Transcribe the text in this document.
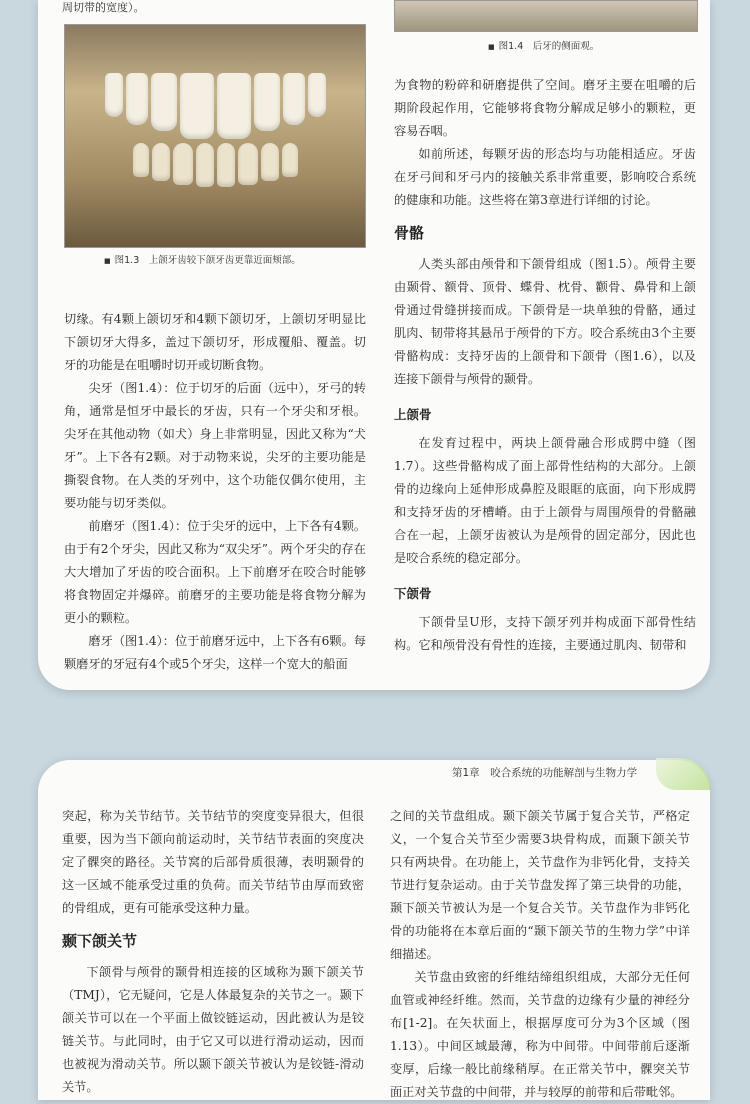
周切带的宽度）。
■ 图1.3　上颌牙齿较下颌牙齿更靠近面颊部。
■ 图1.4　后牙的侧面观。

切缘。有4颗上颌切牙和4颗下颌切牙，上颌切牙明显比下颌切牙大得多，盖过下颌切牙，形成覆船、覆盖。切牙的功能是在咀嚼时切开或切断食物。

尖牙（图1.4）：位于切牙的后面（远中），牙弓的转角，通常是恒牙中最长的牙齿，只有一个牙尖和牙根。尖牙在其他动物（如犬）身上非常明显，因此又称为“犬牙”。上下各有2颗。对于动物来说，尖牙的主要功能是撕裂食物。在人类的牙列中，这个功能仅偶尔使用，主要功能与切牙类似。

前磨牙（图1.4）：位于尖牙的远中，上下各有4颗。由于有2个牙尖，因此又称为“双尖牙”。两个牙尖的存在大大增加了牙齿的咬合面积。上下前磨牙在咬合时能够将食物固定并爆碎。前磨牙的主要功能是将食物分解为更小的颗粒。

磨牙（图1.4）：位于前磨牙远中，上下各有6颗。每颗磨牙的牙冠有4个或5个牙尖，这样一个宽大的船面

为食物的粉碎和研磨提供了空间。磨牙主要在咀嚼的后期阶段起作用，它能够将食物分解成足够小的颗粒，更容易吞咽。

如前所述，每颗牙齿的形态均与功能相适应。牙齿在牙弓间和牙弓内的接触关系非常重要，影响咬合系统的健康和功能。这些将在第3章进行详细的讨论。

骨骼

人类头部由颅骨和下颌骨组成（图1.5）。颅骨主要由颞骨、额骨、顶骨、蝶骨、枕骨、颧骨、鼻骨和上颌骨通过骨缝拼接而成。下颌骨是一块单独的骨骼，通过肌肉、韧带将其悬吊于颅骨的下方。咬合系统由3个主要骨骼构成：支持牙齿的上颌骨和下颌骨（图1.6），以及连接下颌骨与颅骨的颞骨。

上颌骨

在发育过程中，两块上颌骨融合形成腭中缝（图1.7）。这些骨骼构成了面上部骨性结构的大部分。上颌骨的边缘向上延伸形成鼻腔及眼眶的底面，向下形成腭和支持牙齿的牙槽嵴。由于上颌骨与周围颅骨的骨骼融合在一起，上颌牙齿被认为是颅骨的固定部分，因此也是咬合系统的稳定部分。

下颌骨

下颌骨呈U形，支持下颌牙列并构成面下部骨性结构。它和颅骨没有骨性的连接，主要通过肌肉、韧带和

第1章　咬合系统的功能解剖与生物力学

突起，称为关节结节。关节结节的突度变异很大，但很重要，因为当下颌向前运动时，关节结节表面的突度决定了髁突的路径。关节窝的后部骨质很薄，表明颞骨的这一区域不能承受过重的负荷。而关节结节由厚而致密的骨组成，更有可能承受这种力量。

颞下颌关节

下颌骨与颅骨的颞骨相连接的区域称为颞下颌关节（TMJ），它无疑问，它是人体最复杂的关节之一。颞下颌关节可以在一个平面上做铰链运动，因此被认为是铰链关节。与此同时，由于它又可以进行滑动运动，因而也被视为滑动关节。所以颞下颌关节被认为是铰链-滑动关节。

之间的关节盘组成。颞下颌关节属于复合关节，严格定义，一个复合关节至少需要3块骨构成，而颞下颌关节只有两块骨。在功能上，关节盘作为非钙化骨，支持关节进行复杂运动。由于关节盘发挥了第三块骨的功能，颞下颌关节被认为是一个复合关节。关节盘作为非钙化骨的功能将在本章后面的“颞下颌关节的生物力学”中详细描述。

关节盘由致密的纤维结缔组织组成，大部分无任何血管或神经纤维。然而，关节盘的边缘有少量的神经分布[1-2]。在矢状面上，根据厚度可分为3个区域（图1.13）。中间区域最薄，称为中间带。中间带前后逐渐变厚，后缘一般比前缘稍厚。在正常关节中，髁突关节面正对关节盘的中间带，并与较厚的前带和后带毗邻。
